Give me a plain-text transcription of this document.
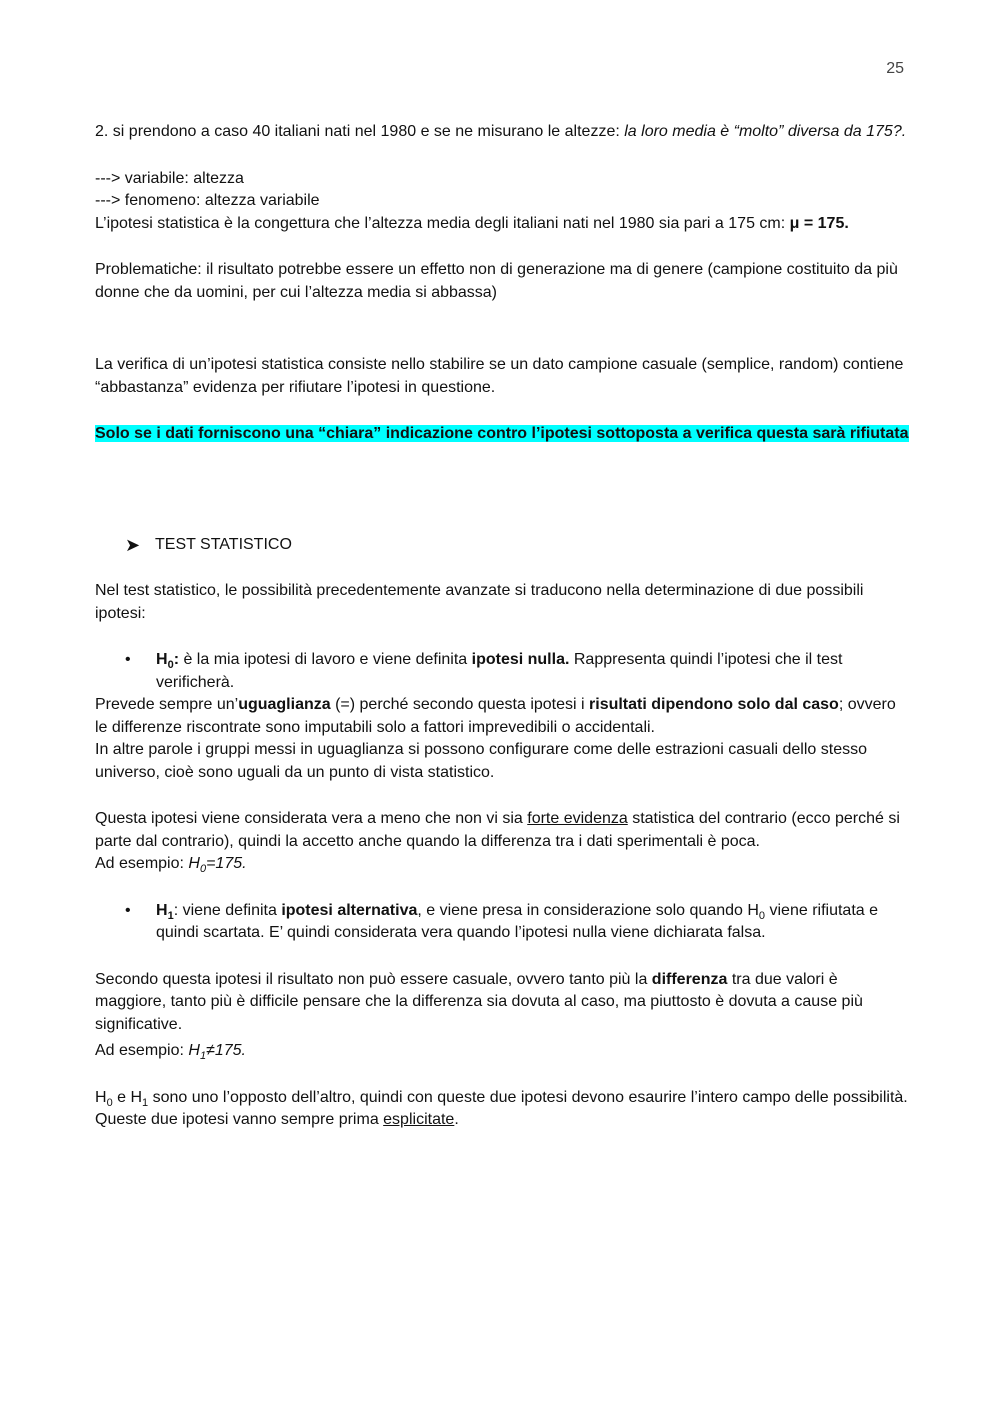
25

2. si prendono a caso 40 italiani nati nel 1980 e se ne misurano le altezze: la loro media è “molto” diversa da 175?.

---> variabile: altezza

---> fenomeno: altezza variabile

L’ipotesi statistica è la congettura che l’altezza media degli italiani nati nel 1980 sia pari a 175 cm: μ = 175.

Problematiche: il risultato potrebbe essere un effetto non di generazione ma di genere (campione costituito da più donne che da uomini, per cui l’altezza media si abbassa)

La verifica di un’ipotesi statistica consiste nello stabilire se un dato campione casuale (semplice, random) contiene “abbastanza” evidenza per rifiutare l’ipotesi in questione.

Solo se i dati forniscono una “chiara” indicazione contro l’ipotesi sottoposta a verifica questa sarà rifiutata

➤ TEST STATISTICO

Nel test statistico, le possibilità precedentemente avanzate si traducono nella determinazione di due possibili ipotesi:

•	$H_0$: è la mia ipotesi di lavoro e viene definita ipotesi nulla. Rappresenta quindi l’ipotesi che il test verificherà.

Prevede sempre un’uguaglianza (=) perché secondo questa ipotesi i risultati dipendono solo dal caso; ovvero le differenze riscontrate sono imputabili solo a fattori imprevedibili o accidentali.

In altre parole i gruppi messi in uguaglianza si possono configurare come delle estrazioni casuali dello stesso universo, cioè sono uguali da un punto di vista statistico.

Questa ipotesi viene considerata vera a meno che non vi sia forte evidenza statistica del contrario (ecco perché si parte dal contrario), quindi la accetto anche quando la differenza tra i dati sperimentali è poca.

Ad esempio: $H_0=175$.

•	$H_1$: viene definita ipotesi alternativa, e viene presa in considerazione solo quando $H_0$ viene rifiutata e quindi scartata. E’ quindi considerata vera quando l’ipotesi nulla viene dichiarata falsa.

Secondo questa ipotesi il risultato non può essere casuale, ovvero tanto più la differenza tra due valori è maggiore, tanto più è difficile pensare che la differenza sia dovuta al caso, ma piuttosto è dovuta a cause più significative.

Ad esempio: $H_1\ne 175$.

$H_0$ e $H_1$ sono uno l’opposto dell’altro, quindi con queste due ipotesi devono esaurire l’intero campo delle possibilità.

Queste due ipotesi vanno sempre prima esplicitate.
